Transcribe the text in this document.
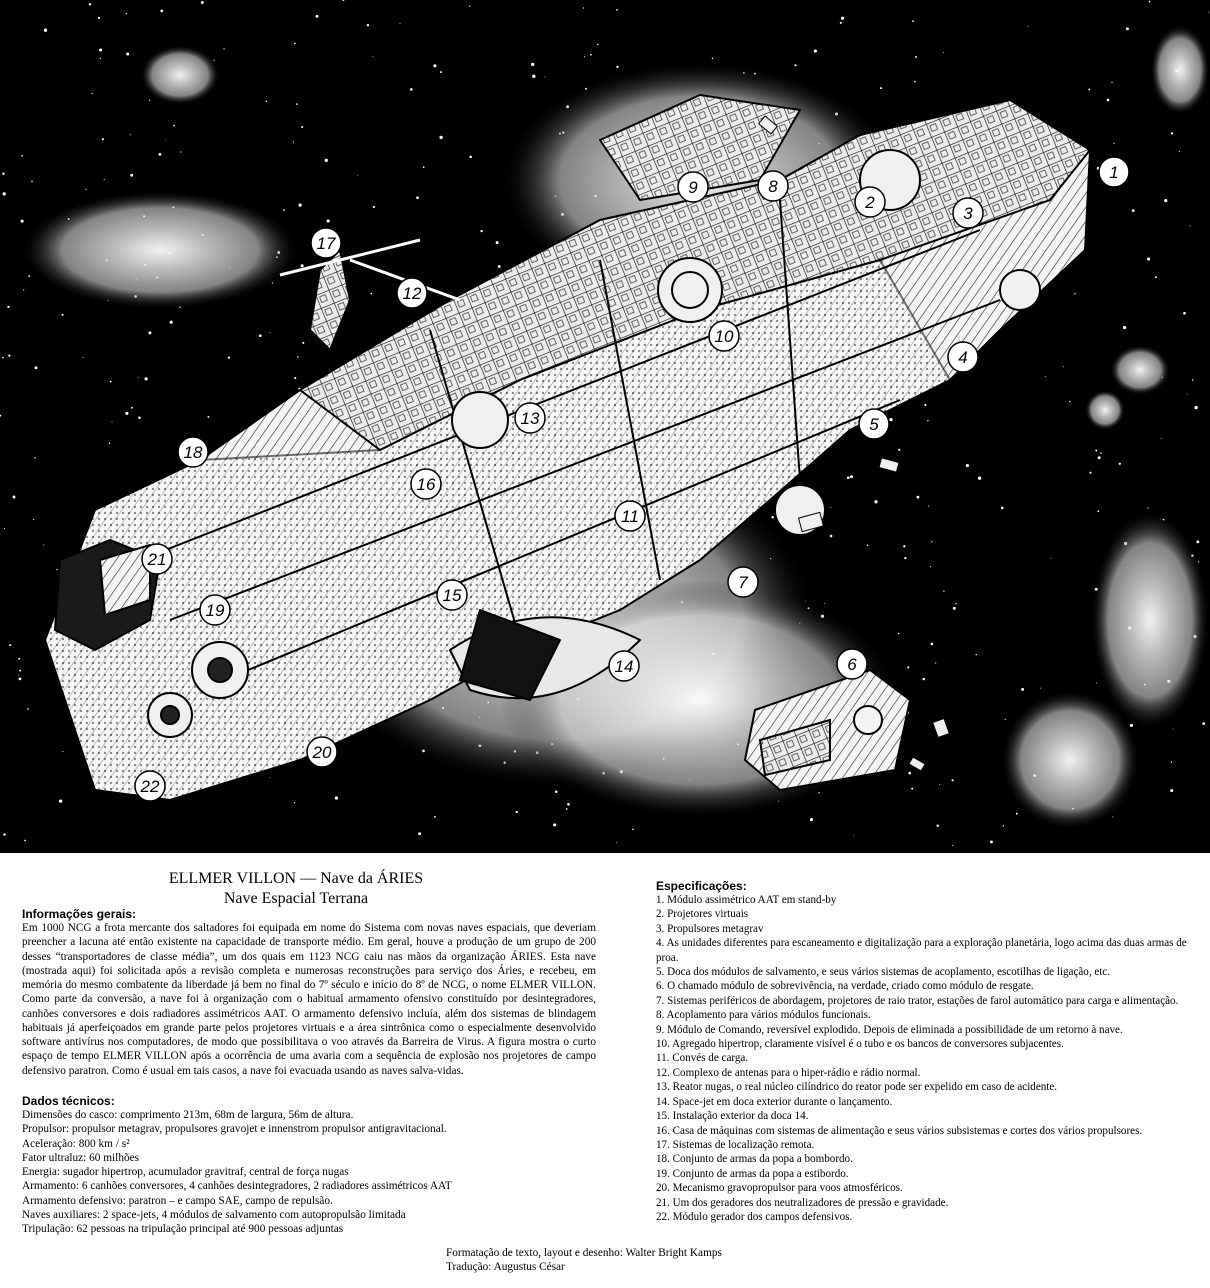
1
2
3
4
5
6
7
8
9
10
11
12
13
14
15
16
17
18
19
20
21
22
ELLMER VILLON — Nave da ÁRIES
Nave Espacial Terrana
Informações gerais:
Em 1000 NCG a frota mercante dos saltadores foi equipada em nome do Sistema com novas naves espaciais, que deveriam preencher a lacuna até então existente na capacidade de transporte médio. Em geral, houve a produção de um grupo de 200 desses “transportadores de classe média”, um dos quais em 1123 NCG caiu nas mãos da organização ÁRIES. Esta nave (mostrada aqui) foi solicitada após a revisão completa e numerosas reconstruções para serviço dos Áries, e recebeu, em memória do mesmo combatente da liberdade já bem no final do 7º século e início do 8º de NCG, o nome ELMER VILLON. Como parte da conversão, a nave foi à organização com o habitual armamento ofensivo constituído por desintegradores, canhões conversores e dois radiadores assimétricos AAT. O armamento defensivo incluía, além dos sistemas de blindagem habituais já aperfeiçoados em grande parte pelos projetores virtuais e a área sintrônica como o especialmente desenvolvido software antivírus nos computadores, de modo que possibilitava o voo através da Barreira de Virus. A figura mostra o curto espaço de tempo ELMER VILLON após a ocorrência de uma avaria com a sequência de explosão nos projetores de campo defensivo paratron. Como é usual em tais casos, a nave foi evacuada usando as naves salva-vidas.
Dados técnicos:
Dimensões do casco: comprimento 213m, 68m de largura, 56m de altura.
Propulsor: propulsor metagrav, propulsores gravojet e innenstrom propulsor antigravitacional.
Aceleração: 800 km / s²
Fator ultraluz: 60 milhões
Energia: sugador hipertrop, acumulador gravitraf, central de força nugas
Armamento: 6 canhões conversores, 4 canhões desintegradores, 2 radiadores assimétricos AAT
Armamento defensivo: paratron – e campo SAE, campo de repulsão.
Naves auxiliares: 2 space-jets, 4 módulos de salvamento com autopropulsão limitada
Tripulação: 62 pessoas na tripulação principal até 900 pessoas adjuntas
Especificações:
1. Módulo assimétrico AAT em stand-by
2. Projetores virtuais
3. Propulsores metagrav
4. As unidades diferentes para escaneamento e digitalização para a exploração planetária, logo acima das duas armas de proa.
5. Doca dos módulos de salvamento, e seus vários sistemas de acoplamento, escotilhas de ligação, etc.
6. O chamado módulo de sobrevivência, na verdade, criado como módulo de resgate.
7. Sistemas periféricos de abordagem, projetores de raio trator, estações de farol automático para carga e alimentação.
8. Acoplamento para vários módulos funcionais.
9. Módulo de Comando, reversível explodido. Depois de eliminada a possibilidade de um retorno à nave.
10. Agregado hipertrop, claramente visível é o tubo e os bancos de conversores subjacentes.
11. Convés de carga.
12. Complexo de antenas para o hiper-rádio e rádio normal.
13. Reator nugas, o real núcleo cilíndrico do reator pode ser expelido em caso de acidente.
14. Space-jet em doca exterior durante o lançamento.
15. Instalação exterior da doca 14.
16. Casa de máquinas com sistemas de alimentação e seus vários subsistemas e cortes dos vários propulsores.
17. Sistemas de localização remota.
18. Conjunto de armas da popa a bombordo.
19. Conjunto de armas da popa a estibordo.
20. Mecanismo gravopropulsor para voos atmosféricos.
21. Um dos geradores dos neutralizadores de pressão e gravidade.
22. Módulo gerador dos campos defensivos.
Formatação de texto, layout e desenho: Walter Bright Kamps
Tradução: Augustus César
